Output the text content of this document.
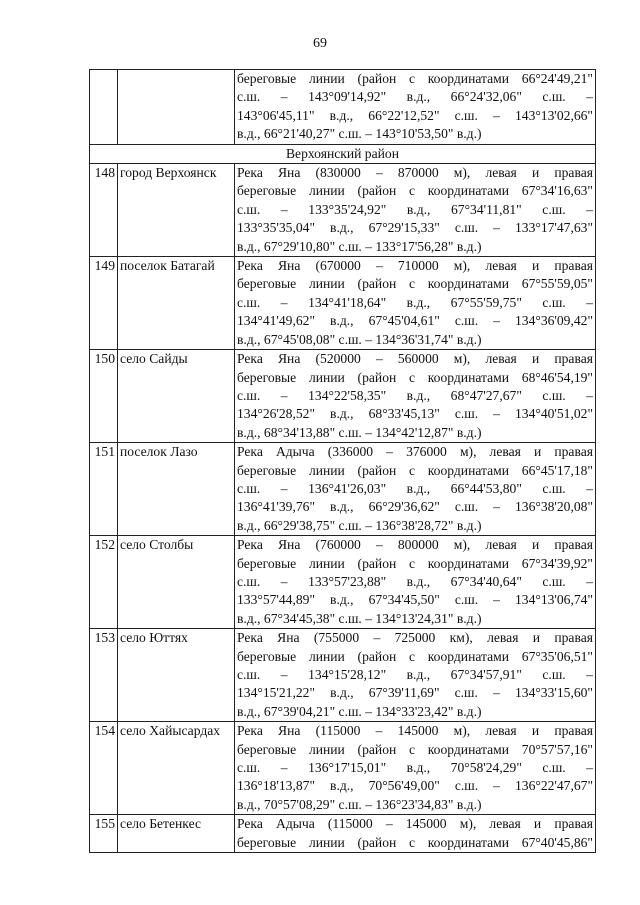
69

		береговые линии (район с координатами 66°24'49,21"
с.ш. – 143°09'14,92" в.д., 66°24'32,06" с.ш. –
143°06'45,11" в.д., 66°22'12,52" с.ш. – 143°13'02,66"
в.д., 66°21'40,27" с.ш. – 143°10'53,50" в.д.)

Верхоянский район		
148	город Верхоянск	Река Яна (830000 – 870000 м), левая и правая
береговые линии (район с координатами 67°34'16,63"
с.ш. – 133°35'24,92" в.д., 67°34'11,81" с.ш. –
133°35'35,04" в.д., 67°29'15,33" с.ш. – 133°17'47,63"
в.д., 67°29'10,80" с.ш. – 133°17'56,28" в.д.)

149	поселок Батагай	Река Яна (670000 – 710000 м), левая и правая
береговые линии (район с координатами 67°55'59,05"
с.ш. – 134°41'18,64" в.д., 67°55'59,75" с.ш. –
134°41'49,62" в.д., 67°45'04,61" с.ш. – 134°36'09,42"
в.д., 67°45'08,08" с.ш. – 134°36'31,74" в.д.)

150	село Сайды	Река Яна (520000 – 560000 м), левая и правая
береговые линии (район с координатами 68°46'54,19"
с.ш. – 134°22'58,35" в.д., 68°47'27,67" с.ш. –
134°26'28,52" в.д., 68°33'45,13" с.ш. – 134°40'51,02"
в.д., 68°34'13,88" с.ш. – 134°42'12,87" в.д.)

151	поселок Лазо	Река Адыча (336000 – 376000 м), левая и правая
береговые линии (район с координатами 66°45'17,18"
с.ш. – 136°41'26,03" в.д., 66°44'53,80" с.ш. –
136°41'39,76" в.д., 66°29'36,62" с.ш. – 136°38'20,08"
в.д., 66°29'38,75" с.ш. – 136°38'28,72" в.д.)

152	село Столбы	Река Яна (760000 – 800000 м), левая и правая
береговые линии (район с координатами 67°34'39,92"
с.ш. – 133°57'23,88" в.д., 67°34'40,64" с.ш. –
133°57'44,89" в.д., 67°34'45,50" с.ш. – 134°13'06,74"
в.д., 67°34'45,38" с.ш. – 134°13'24,31" в.д.)

153	село Юттях	Река Яна (755000 – 725000 км), левая и правая
береговые линии (район с координатами 67°35'06,51"
с.ш. – 134°15'28,12" в.д., 67°34'57,91" с.ш. –
134°15'21,22" в.д., 67°39'11,69" с.ш. – 134°33'15,60"
в.д., 67°39'04,21" с.ш. – 134°33'23,42" в.д.)

154	село Хайысардах	Река Яна (115000 – 145000 м), левая и правая
береговые линии (район с координатами 70°57'57,16"
с.ш. – 136°17'15,01" в.д., 70°58'24,29" с.ш. –
136°18'13,87" в.д., 70°56'49,00" с.ш. – 136°22'47,67"
в.д., 70°57'08,29" с.ш. – 136°23'34,83" в.д.)

155	село Бетенкес	Река Адыча (115000 – 145000 м), левая и правая
береговые линии (район с координатами 67°40'45,86"
